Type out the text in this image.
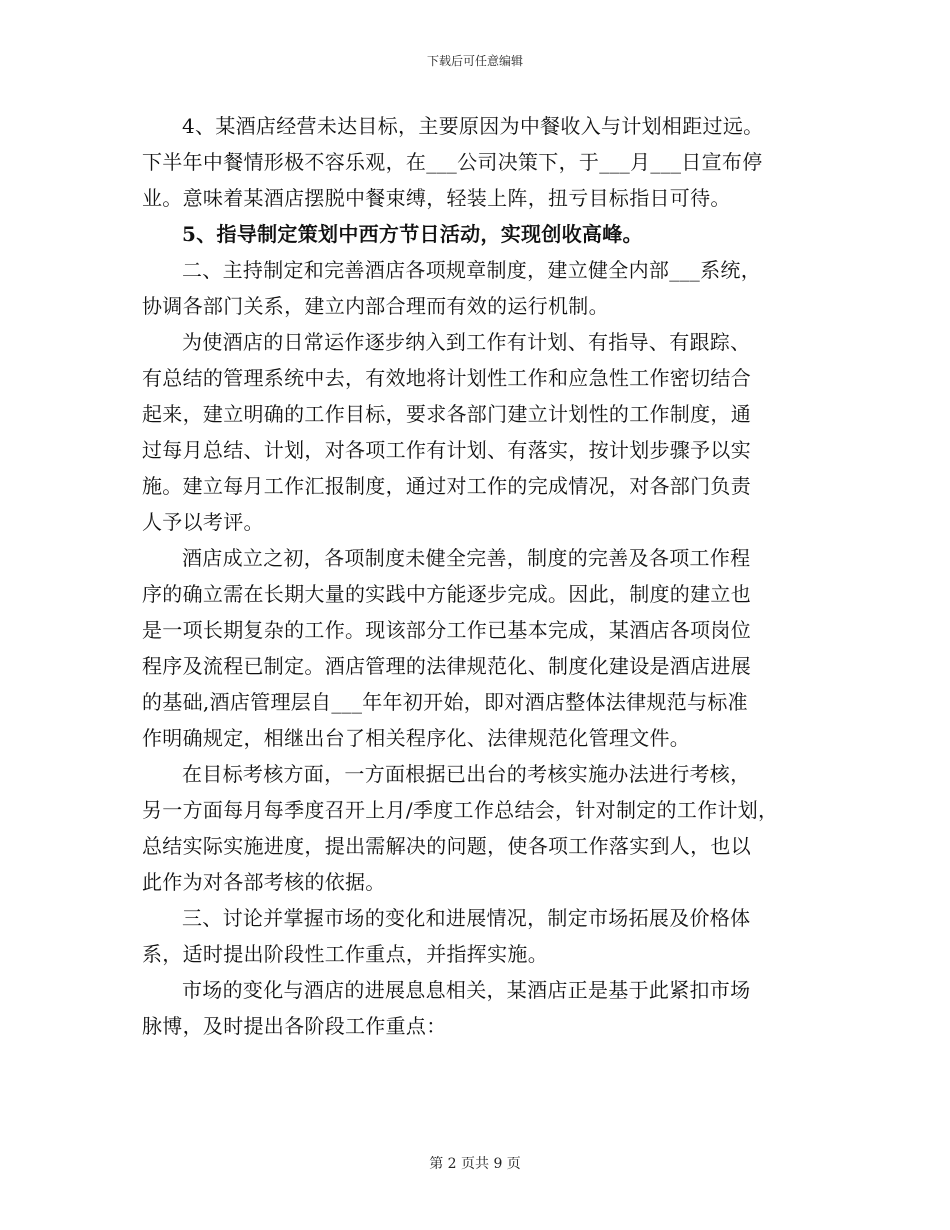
下载后可任意编辑

4、某酒店经营未达目标，主要原因为中餐收入与计划相距过远。
下半年中餐情形极不容乐观，在___公司决策下，于___月___日宣布停
业。意味着某酒店摆脱中餐束缚，轻装上阵，扭亏目标指日可待。

5、指导制定策划中西方节日活动，实现创收高峰。

二、主持制定和完善酒店各项规章制度，建立健全内部___系统，
协调各部门关系，建立内部合理而有效的运行机制。

为使酒店的日常运作逐步纳入到工作有计划、有指导、有跟踪、
有总结的管理系统中去，有效地将计划性工作和应急性工作密切结合
起来，建立明确的工作目标，要求各部门建立计划性的工作制度，通
过每月总结、计划，对各项工作有计划、有落实，按计划步骤予以实
施。建立每月工作汇报制度，通过对工作的完成情况，对各部门负责
人予以考评。

酒店成立之初，各项制度未健全完善，制度的完善及各项工作程
序的确立需在长期大量的实践中方能逐步完成。因此，制度的建立也
是一项长期复杂的工作。现该部分工作已基本完成，某酒店各项岗位
程序及流程已制定。酒店管理的法律规范化、制度化建设是酒店进展
的基础,酒店管理层自___年年初开始，即对酒店整体法律规范与标准
作明确规定，相继出台了相关程序化、法律规范化管理文件。

在目标考核方面，一方面根据已出台的考核实施办法进行考核，
另一方面每月每季度召开上月/季度工作总结会，针对制定的工作计划，
总结实际实施进度，提出需解决的问题，使各项工作落实到人，也以
此作为对各部考核的依据。

三、讨论并掌握市场的变化和进展情况，制定市场拓展及价格体
系，适时提出阶段性工作重点，并指挥实施。

市场的变化与酒店的进展息息相关，某酒店正是基于此紧扣市场
脉博，及时提出各阶段工作重点：

第 2 页共 9 页
